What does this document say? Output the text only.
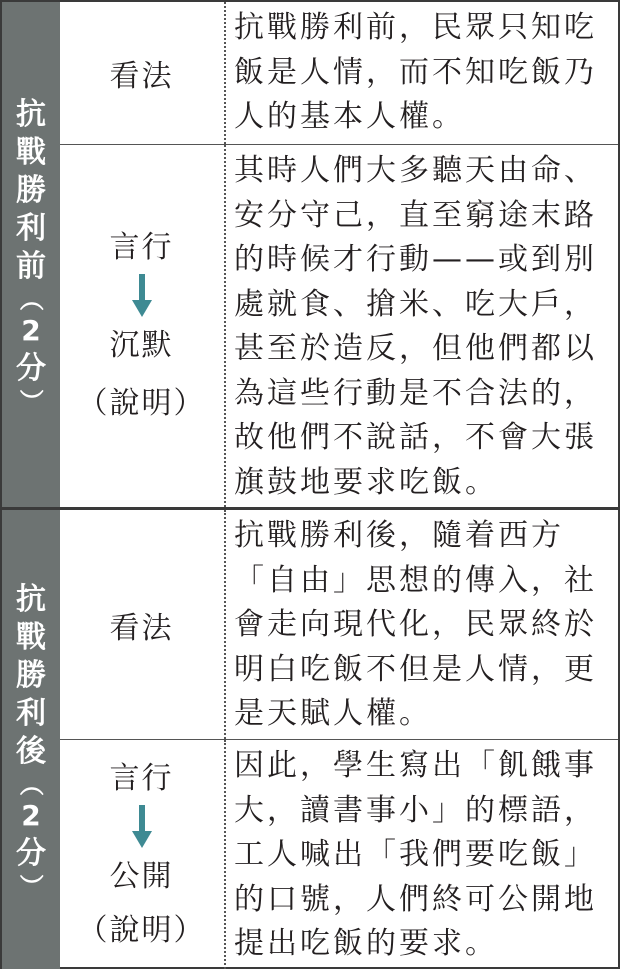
抗
戰
勝
利
前
（
2
分
）
看法
抗戰勝利前，民眾只知吃飯是人情，而不知吃飯乃人的基本人權。
言行
沉默
（說明）
其時人們大多聽天由命、安分守己，直至窮途末路的時候才行動——或到別處就食、搶米、吃大戶，甚至於造反，但他們都以為這些行動是不合法的，故他們不說話，不會大張旗鼓地要求吃飯。
抗
戰
勝
利
後
（
2
分
）
看法
抗戰勝利後，隨着西方「自由」思想的傳入，社會走向現代化，民眾終於明白吃飯不但是人情，更是天賦人權。
言行
公開
（說明）
因此，學生寫出「飢餓事大，讀書事小」的標語，工人喊出「我們要吃飯」的口號，人們終可公開地提出吃飯的要求。
